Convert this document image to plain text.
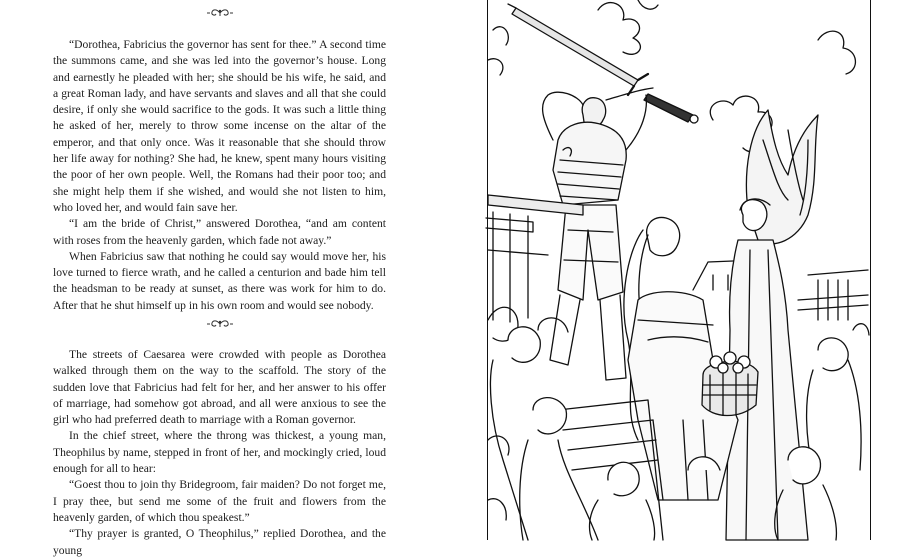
“Dorothea, Fabricius the governor has sent for thee.” A second time the summons came, and she was led into the governor’s house. Long and earnestly he pleaded with her; she should be his wife, he said, and a great Roman lady, and have servants and slaves and all that she could desire, if only she would sacrifice to the gods. It was such a little thing he asked of her, merely to throw some incense on the altar of the emperor, and that only once. Was it reasonable that she should throw her life away for nothing? She had, he knew, spent many hours visiting the poor of her own people. Well, the Romans had their poor too; and she might help them if she wished, and would she not listen to him, who loved her, and would fain save her.

“I am the bride of Christ,” answered Dorothea, “and am content with roses from the heavenly garden, which fade not away.”

When Fabricius saw that nothing he could say would move her, his love turned to fierce wrath, and he called a centurion and bade him tell the headsman to be ready at sunset, as there was work for him to do. After that he shut himself up in his own room and would see nobody.

The streets of Caesarea were crowded with people as Dorothea walked through them on the way to the scaffold. The story of the sudden love that Fabricius had felt for her, and her answer to his offer of marriage, had somehow got abroad, and all were anxious to see the girl who had preferred death to marriage with a Roman governor.

In the chief street, where the throng was thickest, a young man, Theophilus by name, stepped in front of her, and mockingly cried, loud enough for all to hear:

“Goest thou to join thy Bridegroom, fair maiden? Do not forget me, I pray thee, but send me some of the fruit and flowers from the heavenly garden, of which thou speakest.”

“Thy prayer is granted, O Theophilus,” replied Dorothea, and the young
